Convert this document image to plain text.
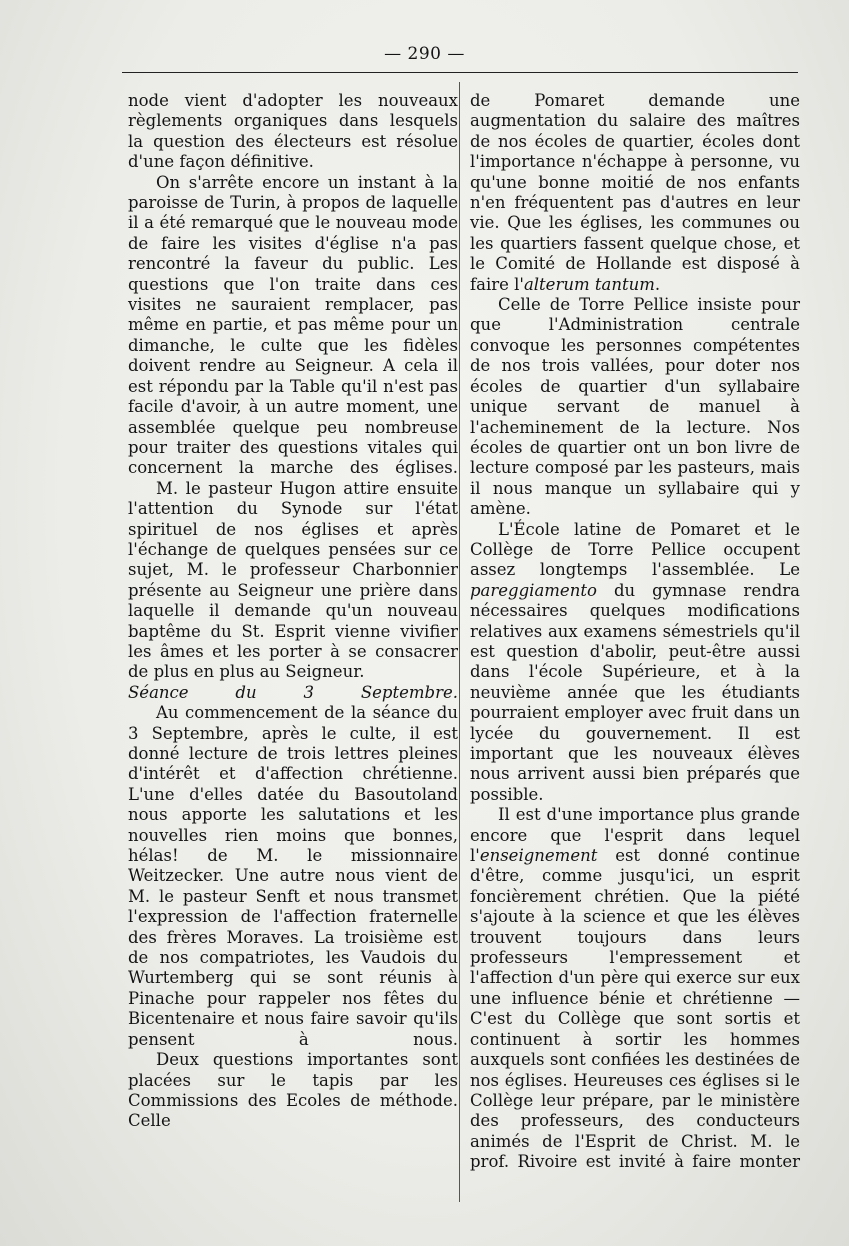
— 290 —

node vient d'adopter les nouveaux règlements organiques dans lesquels la question des électeurs est résolue d'une façon définitive.

On s'arrête encore un instant à la paroisse de Turin, à propos de laquelle il a été remarqué que le nouveau mode de faire les visites d'église n'a pas rencontré la faveur du public. Les questions que l'on traite dans ces visites ne sauraient remplacer, pas même en partie, et pas même pour un dimanche, le culte que les fidèles doivent rendre au Seigneur. A cela il est répondu par la Table qu'il n'est pas facile d'avoir, à un autre moment, une assemblée quelque peu nombreuse pour traiter des questions vitales qui concernent la marche des églises.

M. le pasteur Hugon attire ensuite l'attention du Synode sur l'état spirituel de nos églises et après l'échange de quelques pensées sur ce sujet, M. le professeur Charbonnier présente au Seigneur une prière dans laquelle il demande qu'un nouveau baptême du St. Esprit vienne vivifier les âmes et les porter à se consacrer de plus en plus au Seigneur.

Séance du 3 Septembre.

Au commencement de la séance du 3 Septembre, après le culte, il est donné lecture de trois lettres pleines d'intérêt et d'affection chrétienne. L'une d'elles datée du Basoutoland nous apporte les salutations et les nouvelles rien moins que bonnes, hélas! de M. le missionnaire Weitzecker. Une autre nous vient de M. le pasteur Senft et nous transmet l'expression de l'affection fraternelle des frères Moraves. La troisième est de nos compatriotes, les Vaudois du Wurtemberg qui se sont réunis à Pinache pour rappeler nos fêtes du Bicentenaire et nous faire savoir qu'ils pensent à nous.

Deux questions importantes sont placées sur le tapis par les Commissions des Ecoles de méthode. Celle

de Pomaret demande une augmentation du salaire des maîtres de nos écoles de quartier, écoles dont l'importance n'échappe à personne, vu qu'une bonne moitié de nos enfants n'en fréquentent pas d'autres en leur vie. Que les églises, les communes ou les quartiers fassent quelque chose, et le Comité de Hollande est disposé à faire l'alterum tantum.

Celle de Torre Pellice insiste pour que l'Administration centrale convoque les personnes compétentes de nos trois vallées, pour doter nos écoles de quartier d'un syllabaire unique servant de manuel à l'acheminement de la lecture. Nos écoles de quartier ont un bon livre de lecture composé par les pasteurs, mais il nous manque un syllabaire qui y amène.

L'École latine de Pomaret et le Collège de Torre Pellice occupent assez longtemps l'assemblée. Le pareggiamento du gymnase rendra nécessaires quelques modifications relatives aux examens sémestriels qu'il est question d'abolir, peut-être aussi dans l'école Supérieure, et à la neuvième année que les étudiants pourraient employer avec fruit dans un lycée du gouvernement. Il est important que les nouveaux élèves nous arrivent aussi bien préparés que possible.

Il est d'une importance plus grande encore que l'esprit dans lequel l'enseignement est donné continue d'être, comme jusqu'ici, un esprit foncièrement chrétien. Que la piété s'ajoute à la science et que les élèves trouvent toujours dans leurs professeurs l'empressement et l'affection d'un père qui exerce sur eux une influence bénie et chrétienne — C'est du Collège que sont sortis et continuent à sortir les hommes auxquels sont confiées les destinées de nos églises. Heureuses ces églises si le Collège leur prépare, par le ministère des professeurs, des conducteurs animés de l'Esprit de Christ. M. le prof. Rivoire est invité à faire monter
